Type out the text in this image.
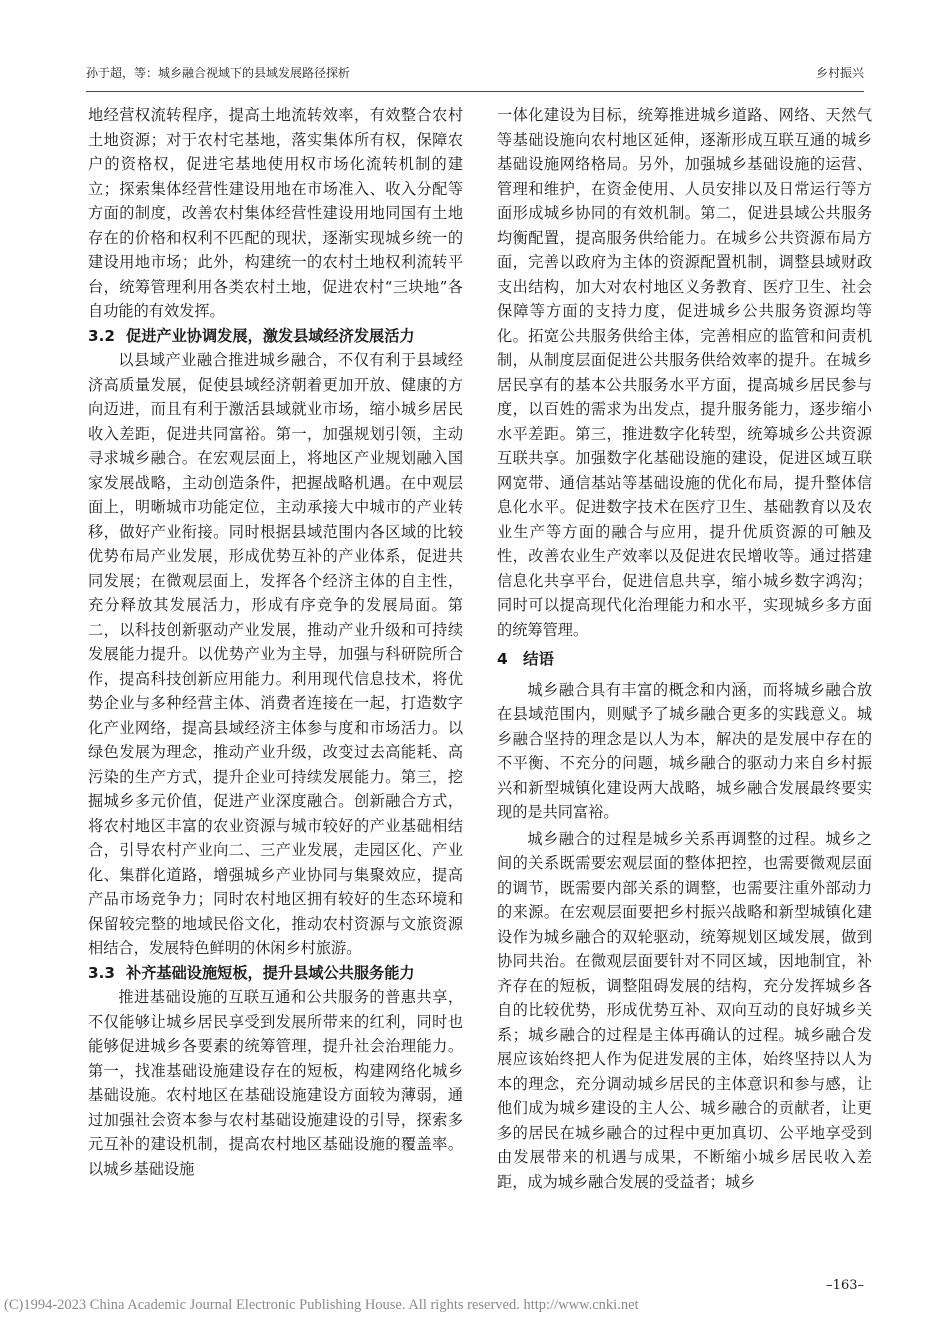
孙于超，等：城乡融合视域下的县域发展路径探析	乡村振兴

地经营权流转程序，提高土地流转效率，有效整合农村土地资源；对于农村宅基地，落实集体所有权，保障农户的资格权，促进宅基地使用权市场化流转机制的建立；探索集体经营性建设用地在市场准入、收入分配等方面的制度，改善农村集体经营性建设用地同国有土地存在的价格和权利不匹配的现状，逐渐实现城乡统一的建设用地市场；此外，构建统一的农村土地权利流转平台，统筹管理利用各类农村土地，促进农村“三块地”各自功能的有效发挥。

3.2 促进产业协调发展，激发县域经济发展活力

以县域产业融合推进城乡融合，不仅有利于县域经济高质量发展，促使县域经济朝着更加开放、健康的方向迈进，而且有利于激活县域就业市场，缩小城乡居民收入差距，促进共同富裕。第一，加强规划引领，主动寻求城乡融合。在宏观层面上，将地区产业规划融入国家发展战略，主动创造条件，把握战略机遇。在中观层面上，明晰城市功能定位，主动承接大中城市的产业转移，做好产业衔接。同时根据县域范围内各区域的比较优势布局产业发展，形成优势互补的产业体系，促进共同发展；在微观层面上，发挥各个经济主体的自主性，充分释放其发展活力，形成有序竞争的发展局面。第二，以科技创新驱动产业发展，推动产业升级和可持续发展能力提升。以优势产业为主导，加强与科研院所合作，提高科技创新应用能力。利用现代信息技术，将优势企业与多种经营主体、消费者连接在一起，打造数字化产业网络，提高县域经济主体参与度和市场活力。以绿色发展为理念，推动产业升级，改变过去高能耗、高污染的生产方式，提升企业可持续发展能力。第三，挖掘城乡多元价值，促进产业深度融合。创新融合方式，将农村地区丰富的农业资源与城市较好的产业基础相结合，引导农村产业向二、三产业发展，走园区化、产业化、集群化道路，增强城乡产业协同与集聚效应，提高产品市场竞争力；同时农村地区拥有较好的生态环境和保留较完整的地域民俗文化，推动农村资源与文旅资源相结合，发展特色鲜明的休闲乡村旅游。

3.3 补齐基础设施短板，提升县域公共服务能力

推进基础设施的互联互通和公共服务的普惠共享，不仅能够让城乡居民享受到发展所带来的红利，同时也能够促进城乡各要素的统筹管理，提升社会治理能力。第一，找准基础设施建设存在的短板，构建网络化城乡基础设施。农村地区在基础设施建设方面较为薄弱，通过加强社会资本参与农村基础设施建设的引导，探索多元互补的建设机制，提高农村地区基础设施的覆盖率。以城乡基础设施

一体化建设为目标，统筹推进城乡道路、网络、天然气等基础设施向农村地区延伸，逐渐形成互联互通的城乡基础设施网络格局。另外，加强城乡基础设施的运营、管理和维护，在资金使用、人员安排以及日常运行等方面形成城乡协同的有效机制。第二，促进县域公共服务均衡配置，提高服务供给能力。在城乡公共资源布局方面，完善以政府为主体的资源配置机制，调整县域财政支出结构，加大对农村地区义务教育、医疗卫生、社会保障等方面的支持力度，促进城乡公共服务资源均等化。拓宽公共服务供给主体，完善相应的监管和问责机制，从制度层面促进公共服务供给效率的提升。在城乡居民享有的基本公共服务水平方面，提高城乡居民参与度，以百姓的需求为出发点，提升服务能力，逐步缩小水平差距。第三，推进数字化转型，统筹城乡公共资源互联共享。加强数字化基础设施的建设，促进区域互联网宽带、通信基站等基础设施的优化布局，提升整体信息化水平。促进数字技术在医疗卫生、基础教育以及农业生产等方面的融合与应用，提升优质资源的可触及性，改善农业生产效率以及促进农民增收等。通过搭建信息化共享平台，促进信息共享，缩小城乡数字鸿沟；同时可以提高现代化治理能力和水平，实现城乡多方面的统筹管理。

4 结语

城乡融合具有丰富的概念和内涵，而将城乡融合放在县域范围内，则赋予了城乡融合更多的实践意义。城乡融合坚持的理念是以人为本，解决的是发展中存在的不平衡、不充分的问题，城乡融合的驱动力来自乡村振兴和新型城镇化建设两大战略，城乡融合发展最终要实现的是共同富裕。

城乡融合的过程是城乡关系再调整的过程。城乡之间的关系既需要宏观层面的整体把控，也需要微观层面的调节，既需要内部关系的调整，也需要注重外部动力的来源。在宏观层面要把乡村振兴战略和新型城镇化建设作为城乡融合的双轮驱动，统筹规划区域发展，做到协同共治。在微观层面要针对不同区域，因地制宜，补齐存在的短板，调整阻碍发展的结构，充分发挥城乡各自的比较优势，形成优势互补、双向互动的良好城乡关系；城乡融合的过程是主体再确认的过程。城乡融合发展应该始终把人作为促进发展的主体，始终坚持以人为本的理念，充分调动城乡居民的主体意识和参与感，让他们成为城乡建设的主人公、城乡融合的贡献者，让更多的居民在城乡融合的过程中更加真切、公平地享受到由发展带来的机遇与成果，不断缩小城乡居民收入差距，成为城乡融合发展的受益者；城乡

–163–
(C)1994-2023 China Academic Journal Electronic Publishing House. All rights reserved. http://www.cnki.net
